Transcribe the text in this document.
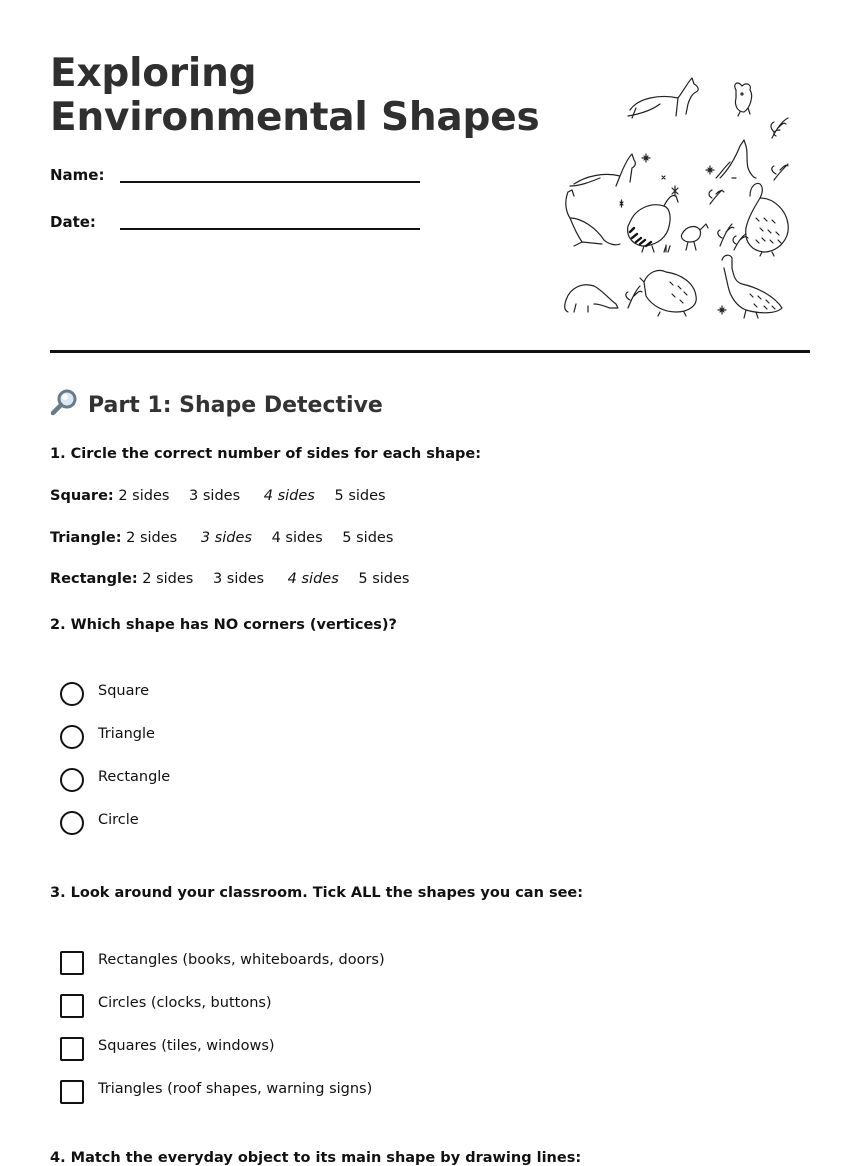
Exploring
Environmental Shapes
Name:
Date:
Part 1: Shape Detective

1. Circle the correct number of sides for each shape:

Square: 2 sides 3 sides 4 sides 5 sides
Triangle: 2 sides 3 sides 4 sides 5 sides
Rectangle: 2 sides 3 sides 4 sides 5 sides

2. Which shape has NO corners (vertices)?

Square
Triangle
Rectangle
Circle

3. Look around your classroom. Tick ALL the shapes you can see:

Rectangles (books, whiteboards, doors)
Circles (clocks, buttons)
Squares (tiles, windows)
Triangles (roof shapes, warning signs)

4. Match the everyday object to its main shape by drawing lines:
